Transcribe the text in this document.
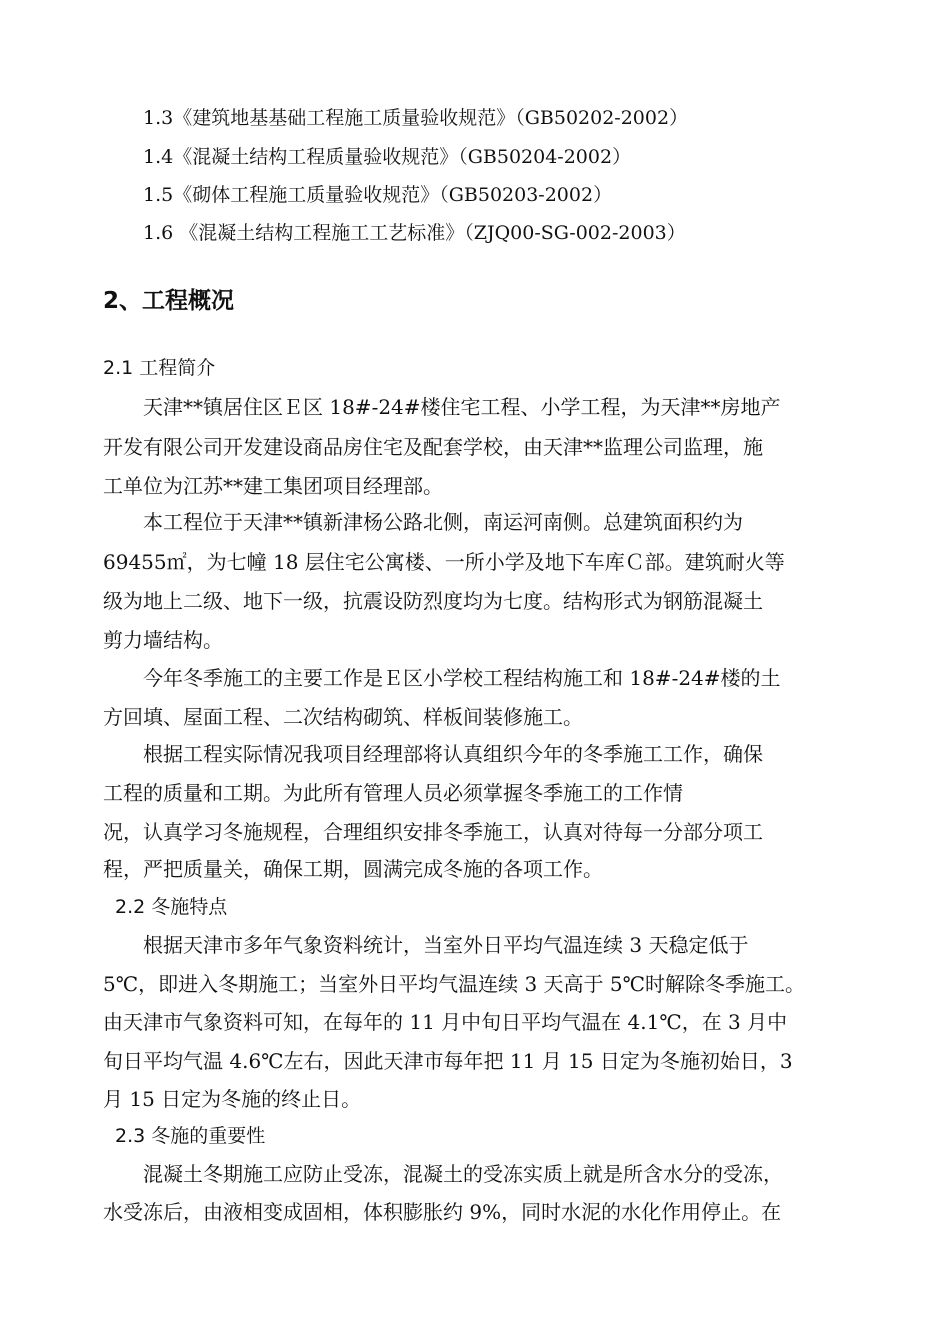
1.3《建筑地基基础工程施工质量验收规范》（GB50202-2002）
1.4《混凝土结构工程质量验收规范》（GB50204-2002）
1.5《砌体工程施工质量验收规范》（GB50203-2002）
1.6 《混凝土结构工程施工工艺标准》（ZJQ00-SG-002-2003）
2、工程概况
2.1 工程简介
天津**镇居住区Ｅ区 18#-24#楼住宅工程、小学工程，为天津**房地产
开发有限公司开发建设商品房住宅及配套学校，由天津**监理公司监理，施
工单位为江苏**建工集团项目经理部。
本工程位于天津**镇新津杨公路北侧，南运河南侧。总建筑面积约为
69455㎡，为七幢 18 层住宅公寓楼、一所小学及地下车库Ｃ部。建筑耐火等
级为地上二级、地下一级，抗震设防烈度均为七度。结构形式为钢筋混凝土
剪力墙结构。
今年冬季施工的主要工作是Ｅ区小学校工程结构施工和 18#-24#楼的土
方回填、屋面工程、二次结构砌筑、样板间装修施工。
根据工程实际情况我项目经理部将认真组织今年的冬季施工工作，确保
工程的质量和工期。为此所有管理人员必须掌握冬季施工的工作情
况，认真学习冬施规程，合理组织安排冬季施工，认真对待每一分部分项工
程，严把质量关，确保工期，圆满完成冬施的各项工作。
2.2 冬施特点
根据天津市多年气象资料统计，当室外日平均气温连续 3 天稳定低于
5℃，即进入冬期施工；当室外日平均气温连续 3 天高于 5℃时解除冬季施工。
由天津市气象资料可知，在每年的 11 月中旬日平均气温在 4.1℃，在 3 月中
旬日平均气温 4.6℃左右，因此天津市每年把 11 月 15 日定为冬施初始日，3
月 15 日定为冬施的终止日。
2.3 冬施的重要性
混凝土冬期施工应防止受冻，混凝土的受冻实质上就是所含水分的受冻，
水受冻后，由液相变成固相，体积膨胀约 9%，同时水泥的水化作用停止。在
